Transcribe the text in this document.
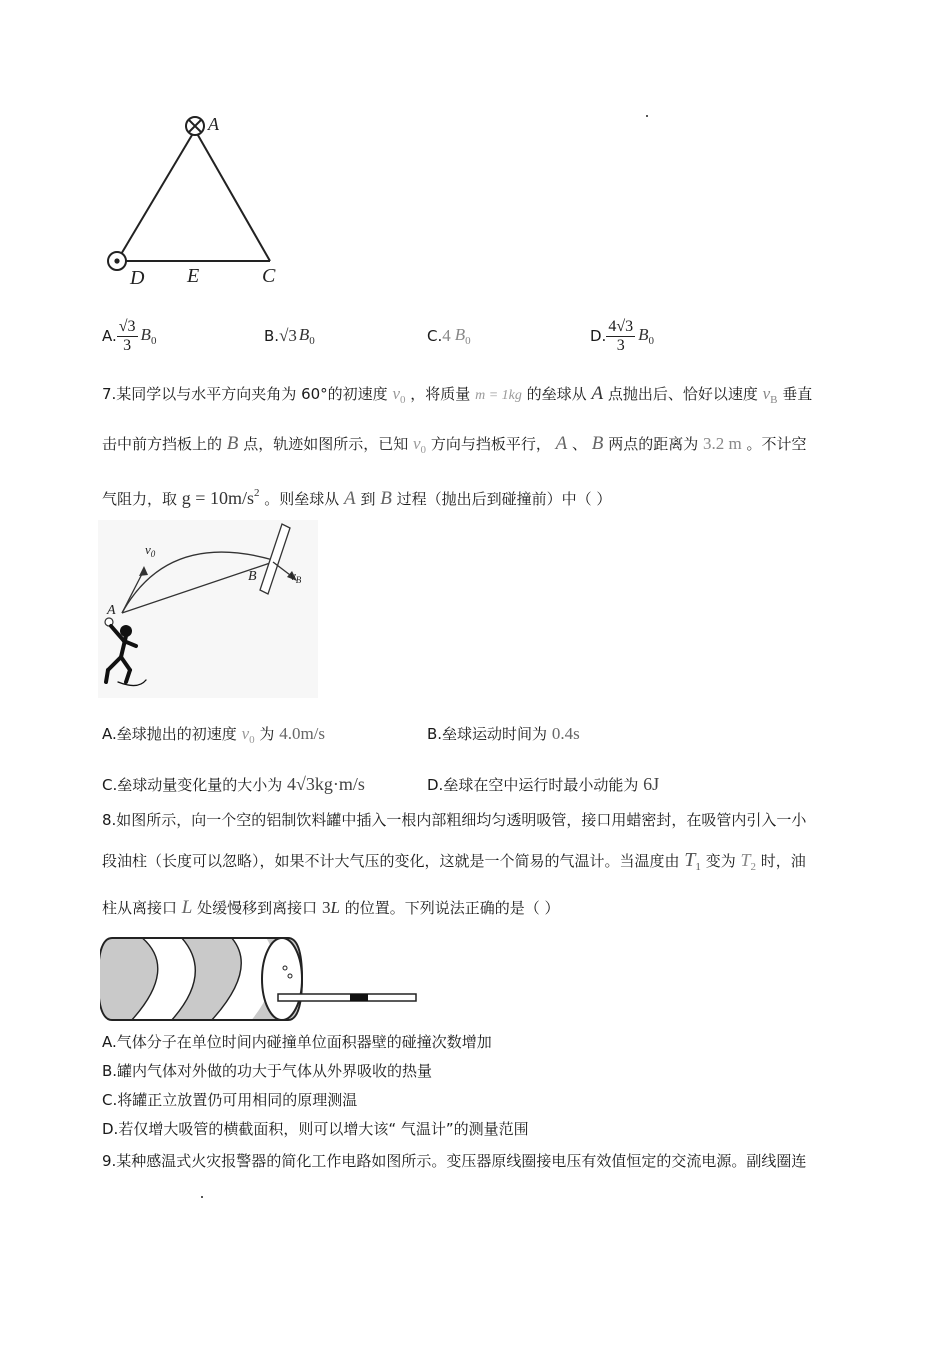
A
D E	C
A. $\frac{√3}{3} B_0$	B. √3 $B_0$	C. 4 $B_0$	D. $\frac{4√3}{3} B_0$
7.某同学以与水平方向夹角为 60°的初速度 $v_0$ ，将质量 m = 1kg 的垒球从 A 点抛出后、恰好以速度 $v_B$ 垂直
击中前方挡板上的 B 点，轨迹如图所示，已知 $v_0$ 方向与挡板平行， A 、 B 两点的距离为 3.2 m 。不计空
气阻力，取 $g = 10m/s^2$ 。则垒球从 A 到 B 过程（抛出后到碰撞前）中（ ）
$v_0$
$v_B$
A
B
A.垒球抛出的初速度 $v_0$ 为 4.0m/s	B.垒球运动时间为 0.4s
C.垒球动量变化量的大小为 4√3kg·m/s	D.垒球在空中运行时最小动能为 6J
8.如图所示，向一个空的铝制饮料罐中插入一根内部粗细均匀透明吸管，接口用蜡密封，在吸管内引入一小
段油柱（长度可以忽略），如果不计大气压的变化，这就是一个简易的气温计。当温度由 $T_1$ 变为 $T_2$ 时，油
柱从离接口 L 处缓慢移到离接口 3L 的位置。下列说法正确的是（ ）
A.气体分子在单位时间内碰撞单位面积器壁的碰撞次数增加
B.罐内气体对外做的功大于气体从外界吸收的热量
C.将罐正立放置仍可用相同的原理测温
D.若仅增大吸管的横截面积，则可以增大该“ 气温计”的测量范围
9.某种感温式火灾报警器的简化工作电路如图所示。变压器原线圈接电压有效值恒定的交流电源。副线圈连
